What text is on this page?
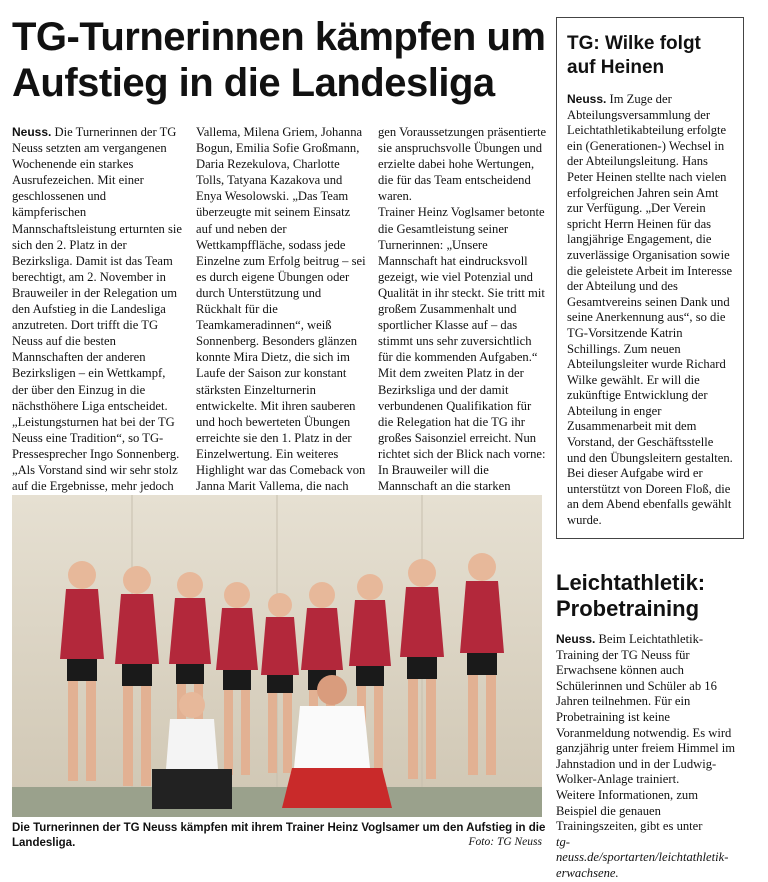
TG-Turnerinnen kämpfen um Aufstieg in die Landesliga

Neuss. Die Turnerinnen der TG Neuss setzten am vergangenen Wochenende ein starkes Ausrufezeichen. Mit einer geschlossenen und kämpferischen Mannschaftsleistung erturnten sie sich den 2. Platz in der Bezirksliga. Damit ist das Team berechtigt, am 2. November in Brauweiler in der Relegation um den Aufstieg in die Landesliga anzutreten. Dort trifft die TG Neuss auf die besten Mannschaften der anderen Bezirksligen – ein Wettkampf, der über den Einzug in die nächsthöhere Liga entscheidet.

„Leistungsturnen hat bei der TG Neuss eine Tradition“, so TG-Pressesprecher Ingo Sonnenberg. „Als Vorstand sind wir sehr stolz auf die Ergebnisse, mehr jedoch

Vallema, Milena Griem, Johanna Bogun, Emilia Sofie Großmann, Daria Rezekulova, Charlotte Tolls, Tatyana Kazakova und Enya Wesolowski. „Das Team überzeugte mit seinem Einsatz auf und neben der Wettkampffläche, sodass jede Einzelne zum Erfolg beitrug – sei es durch eigene Übungen oder durch Unterstützung und Rückhalt für die Teamkameradinnen“, weiß Sonnenberg. Besonders glänzen konnte Mira Dietz, die sich im Laufe der Saison zur konstant stärksten Einzelturnerin entwickelte. Mit ihren sauberen und hoch bewerteten Übungen erreichte sie den 1. Platz in der Einzelwertung. Ein weiteres Highlight war das Comeback von Janna Marit Vallema, die nach

gen Voraussetzungen präsentierte sie anspruchsvolle Übungen und erzielte dabei hohe Wertungen, die für das Team entscheidend waren.

Trainer Heinz Voglsamer betonte die Gesamtleistung seiner Turnerinnen: „Unsere Mannschaft hat eindrucksvoll gezeigt, wie viel Potenzial und Qualität in ihr steckt. Sie tritt mit großem Zusammenhalt und sportlicher Klasse auf – das stimmt uns sehr zuversichtlich für die kommenden Aufgaben.“

Mit dem zweiten Platz in der Bezirksliga und der damit verbundenen Qualifikation für die Relegation hat die TG ihr großes Saisonziel erreicht. Nun richtet sich der Blick nach vorne: In Brauweiler will die Mannschaft an die starken

Die Turnerinnen der TG Neuss kämpfen mit ihrem Trainer Heinz Voglsamer um den Aufstieg in die Landesliga.	Foto: TG Neuss
TG: Wilke folgt auf Heinen
Neuss. Im Zuge der Abteilungsversammlung der Leichtathletikabteilung erfolgte ein (Generationen-) Wechsel in der Abteilungsleitung. Hans Peter Heinen stellte nach vielen erfolgreichen Jahren sein Amt zur Verfügung. „Der Verein spricht Herrn Heinen für das langjährige Engagement, die zuverlässige Organisation sowie die geleistete Arbeit im Interesse der Abteilung und des Gesamtvereins seinen Dank und seine Anerkennung aus“, so die TG-Vorsitzende Katrin Schillings. Zum neuen Abteilungsleiter wurde Richard Wilke gewählt. Er will die zukünftige Entwicklung der Abteilung in enger Zusammenarbeit mit dem Vorstand, der Geschäftsstelle und den Übungsleitern gestalten.
Bei dieser Aufgabe wird er unterstützt von Doreen Floß, die an dem Abend ebenfalls gewählt wurde.
Leichtathletik: Probetraining
Neuss. Beim Leichtathletik-Training der TG Neuss für Erwachsene können auch Schülerinnen und Schüler ab 16 Jahren teilnehmen. Für ein Probetraining ist keine Voranmeldung notwendig. Es wird ganzjährig unter freiem Himmel im Jahnstadion und in der Ludwig-Wolker-Anlage trainiert.
Weitere Informationen, zum Beispiel die genauen Trainingszeiten, gibt es unter
tg-neuss.de/sportarten/leichtathletik-erwachsene.
